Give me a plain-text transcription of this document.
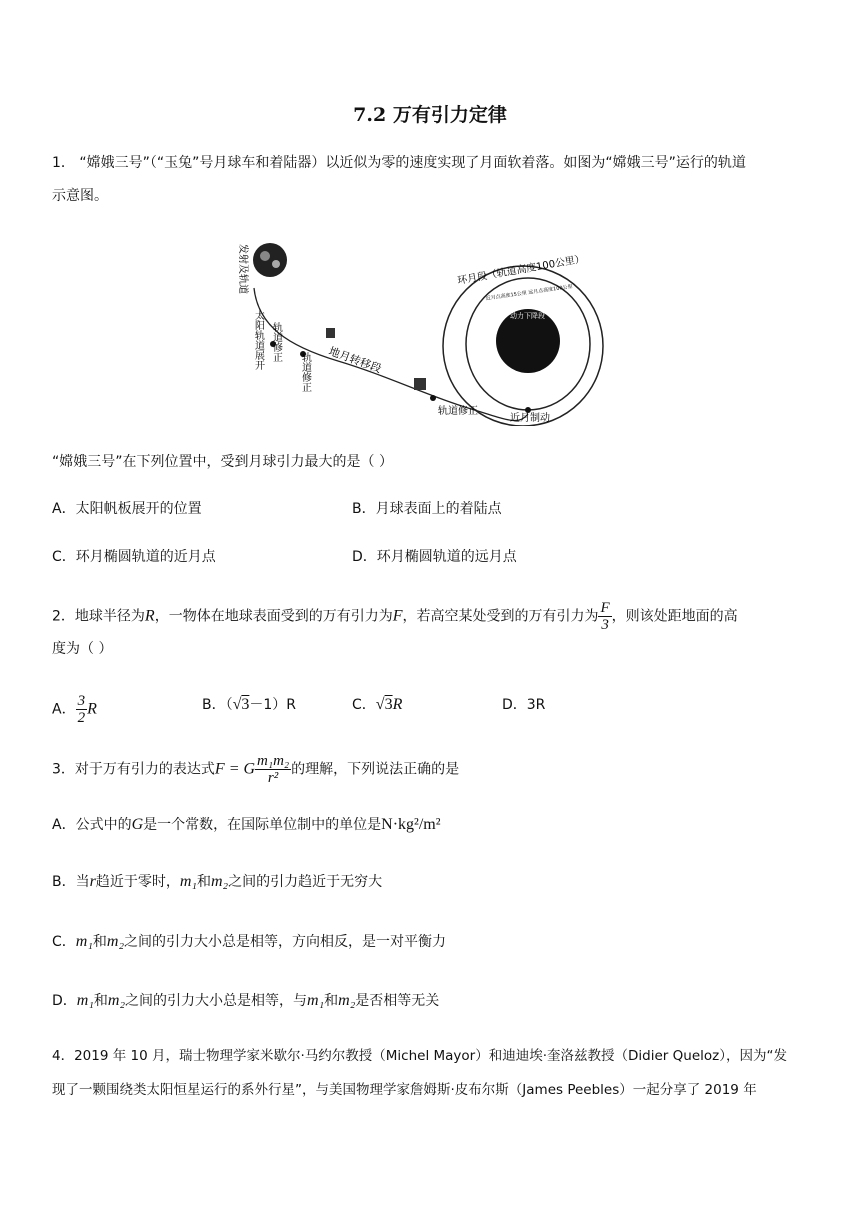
7.2 万有引力定律
1． “嫦娥三号”（“玉兔”号月球车和着陆器）以近似为零的速度实现了月面软着落。如图为“嫦娥三号”运行的轨道
示意图。
发射及轨道
太阳轨道展开 轨道修正
轨道修正 地月转移段
轨道修正
近月制动
环月段（轨道高度100公里）
动力下降段
近月点高度15公里 远月点高度100公里
“嫦娥三号”在下列位置中，受到月球引力最大的是（ ）
A．太阳帆板展开的位置	B．月球表面上的着陆点
C．环月椭圆轨道的近月点	D．环月椭圆轨道的远月点
2．地球半径为R，一物体在地球表面受到的万有引力为F，若高空某处受到的万有引力为 $\frac{F}{3}$ ，则该处距地面的高
度为（ ）
A． $\frac{3}{2}$ R	B．（√3－1）R	C．√3R	D．3R
3．对于万有引力的表达式F = G $\frac{\text{m₁m₂}}{\text{r²}}$ 的理解，下列说法正确的是
A．公式中的G是一个常数，在国际单位制中的单位是N·kg²/m²
B．当r趋近于零时，m₁和m₂之间的引力趋近于无穷大
C．m₁和m₂之间的引力大小总是相等，方向相反，是一对平衡力
D．m₁和m₂之间的引力大小总是相等，与m₁和m₂是否相等无关
4．2019 年 10 月，瑞士物理学家米歇尔·马约尔教授（Michel Mayor）和迪迪埃·奎洛兹教授（Didier Queloz），因为“发
现了一颗围绕类太阳恒星运行的系外行星”，与美国物理学家詹姆斯·皮布尔斯（James Peebles）一起分享了 2019 年
